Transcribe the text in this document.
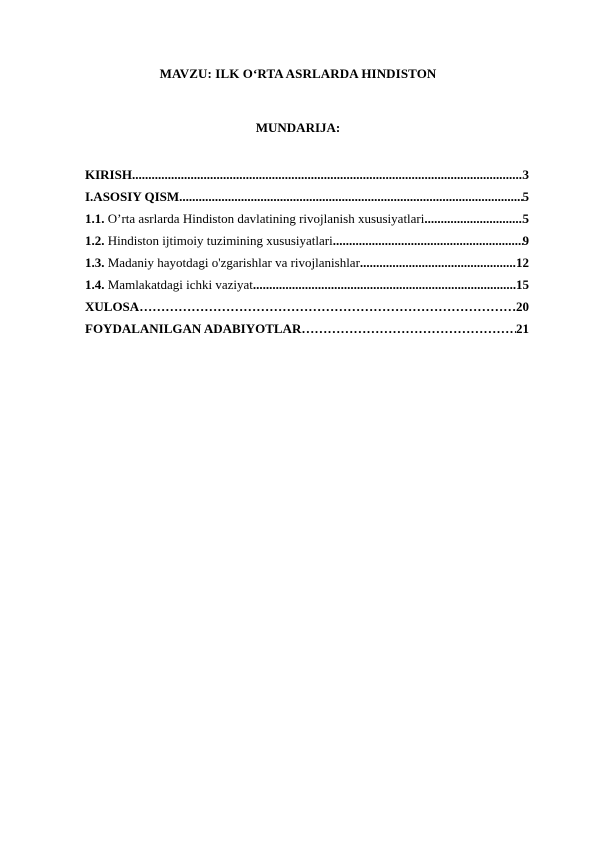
MAVZU: ILK O‘RTA ASRLARDA HINDISTON
MUNDARIJA:
KIRISH .....	3
I.ASOSIY QISM .....	5
1.1. O’rta asrlarda Hindiston davlatining rivojlanish xususiyatlari .....	5
1.2. Hindiston ijtimoiy tuzimining xususiyatlari .....	9
1.3. Madaniy hayotdagi o'zgarishlar va rivojlanishlar .....	12
1.4. Mamlakatdagi ichki vaziyat .....	15
XULOSA …………………………………………………………………………………………………………………………………………………………	20
FOYDALANILGAN ADABIYOTLAR …………………………………………………………………………………………………………………………………………………………	21
